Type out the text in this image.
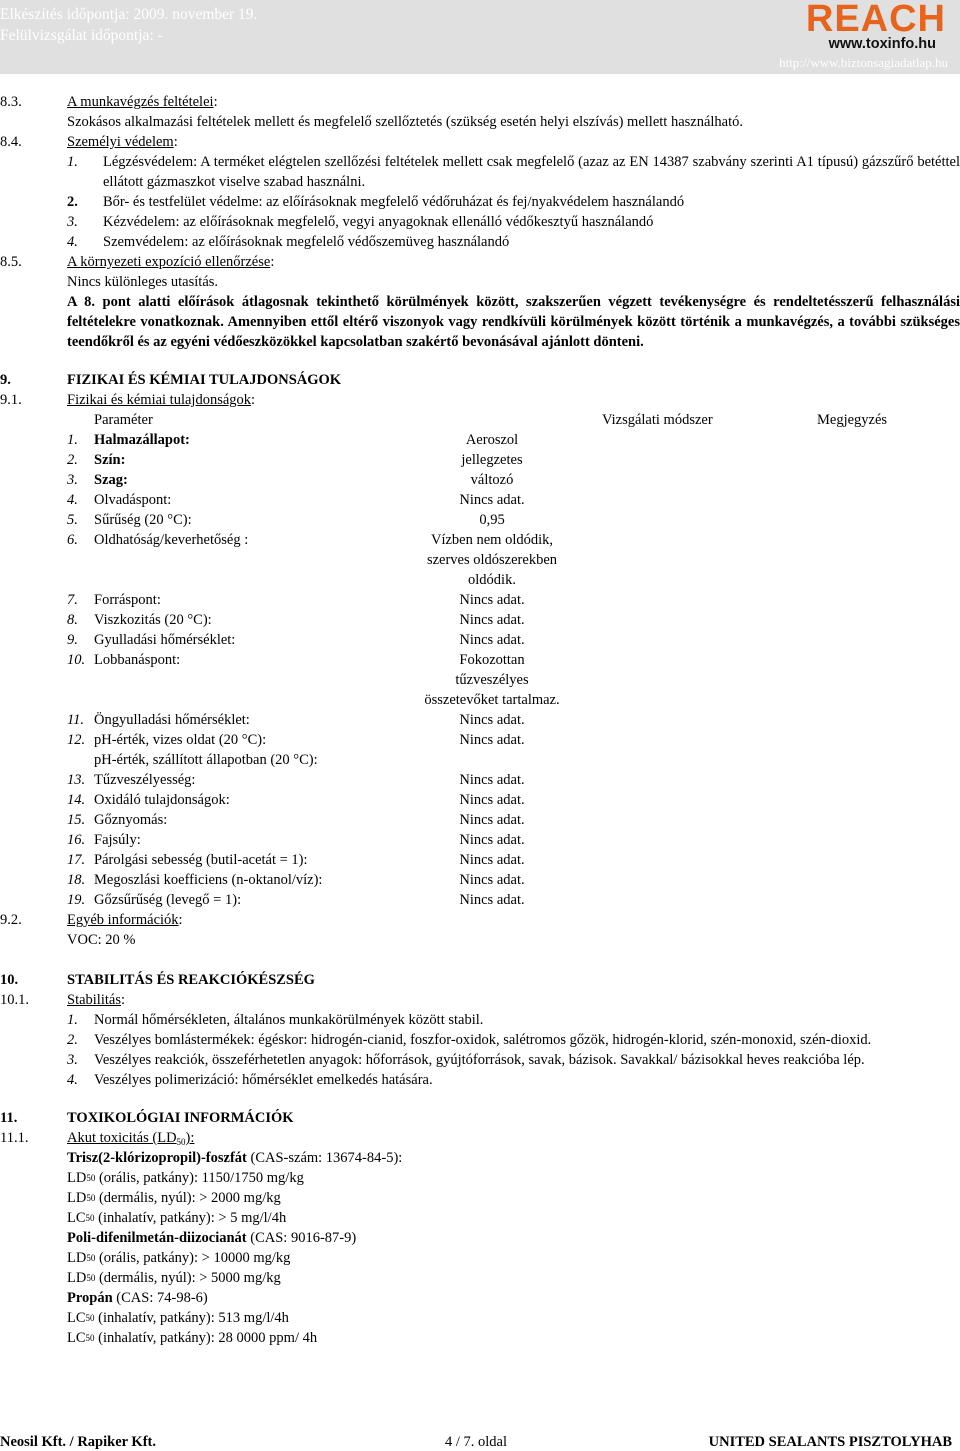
Elkészítés időpontja: 2009. november 19.
Felülvizsgálat időpontja: -	REACH
www.toxinfo.hu
http://www.biztonsagiadatlap.hu
8.3.	A munkavégzés feltételei :
Szokásos alkalmazási feltételek mellett és megfelelő szellőztetés (szükség esetén helyi elszívás) mellett használható.
8.4.	Személyi védelem :
1.	Légzésvédelem: A terméket elégtelen szellőzési feltételek mellett csak megfelelő (azaz az EN 14387 szabvány szerinti A1 típusú) gázszűrő betéttel ellátott gázmaszkot viselve szabad használni.
2.	Bőr- és testfelület védelme: az előírásoknak megfelelő védőruházat és fej/nyakvédelem használandó
3.	Kézvédelem: az előírásoknak megfelelő, vegyi anyagoknak ellenálló védőkesztyű használandó
4.	Szemvédelem: az előírásoknak megfelelő védőszemüveg használandó
8.5.	A környezeti expozíció ellenőrzése :
Nincs különleges utasítás.
A 8. pont alatti előírások átlagosnak tekinthető körülmények között, szakszerűen végzett tevékenységre és rendeltetésszerű felhasználási feltételekre vonatkoznak. Amennyiben ettől eltérő viszonyok vagy rendkívüli körülmények között történik a munkavégzés, a további szükséges teendőkről és az egyéni védőeszközökkel kapcsolatban szakértő bevonásával ajánlott dönteni.
9.	FIZIKAI ÉS KÉMIAI TULAJDONSÁGOK
9.1.	Fizikai és kémiai tulajdonságok :
Paraméter	Vizsgálati módszer	Megjegyzés
1.	Halmazállapot:	Aeroszol
2.	Szín:	jellegzetes
3.	Szag:	változó
4.	Olvadáspont:	Nincs adat.
5.	Sűrűség (20 °C):	0,95
6.	Oldhatóság/keverhetőség :	Vízben nem oldódik,
szerves oldószerekben
oldódik.
7.	Forráspont:	Nincs adat.
8.	Viszkozitás (20 °C):	Nincs adat.
9.	Gyulladási hőmérséklet:	Nincs adat.
10. Lobbanáspont:	Fokozottan
tűzveszélyes
összetevőket tartalmaz.
11. Öngyulladási hőmérséklet:	Nincs adat.
12. pH-érték, vizes oldat (20 °C):	Nincs adat.
pH-érték, szállított állapotban (20 °C):
13. Tűzveszélyesség:	Nincs adat.
14. Oxidáló tulajdonságok:	Nincs adat.
15. Gőznyomás:	Nincs adat.
16. Fajsúly:	Nincs adat.
17. Párolgási sebesség (butil-acetát = 1):	Nincs adat.
18. Megoszlási koefficiens (n-oktanol/víz):	Nincs adat.
19. Gőzsűrűség (levegő = 1):	Nincs adat.
9.2.	Egyéb információk :
VOC: 20 %
10.	STABILITÁS ÉS REAKCIÓKÉSZSÉG
10.1.	Stabilitás :
1.	Normál hőmérsékleten, általános munkakörülmények között stabil.
2.	Veszélyes bomlástermékek: égéskor: hidrogén-cianid, foszfor-oxidok, salétromos gőzök, hidrogén-klorid, szén-monoxid, szén-dioxid.
3.	Veszélyes reakciók, összeférhetetlen anyagok: hőforrások, gyújtóforrások, savak, bázisok. Savakkal/ bázisokkal heves reakcióba lép.
4.	Veszélyes polimerizáció: hőmérséklet emelkedés hatására.
11.	TOXIKOLÓGIAI INFORMÁCIÓK
11.1.	Akut toxicitás $(LD_{50})$:
Trisz(2-klórizopropil)-foszfát (CAS-szám: 13674-84-5):
LD 50 (orális, patkány): 1150/1750 mg/kg
LD 50 (dermális, nyúl): > 2000 mg/kg
LC 50 (inhalatív, patkány): > 5 mg/l/4h
Poli-difenilmetán-diizocianát (CAS: 9016-87-9)
LD 50 (orális, patkány): > 10000 mg/kg
LD 50 (dermális, nyúl): > 5000 mg/kg
Propán (CAS: 74-98-6)
LC 50 (inhalatív, patkány): 513 mg/l/4h
LC 50 (inhalatív, patkány): 28 0000 ppm/ 4h
Neosil Kft. / Rapiker Kft.	4 / 7. oldal	UNITED SEALANTS PISZTOLYHAB
